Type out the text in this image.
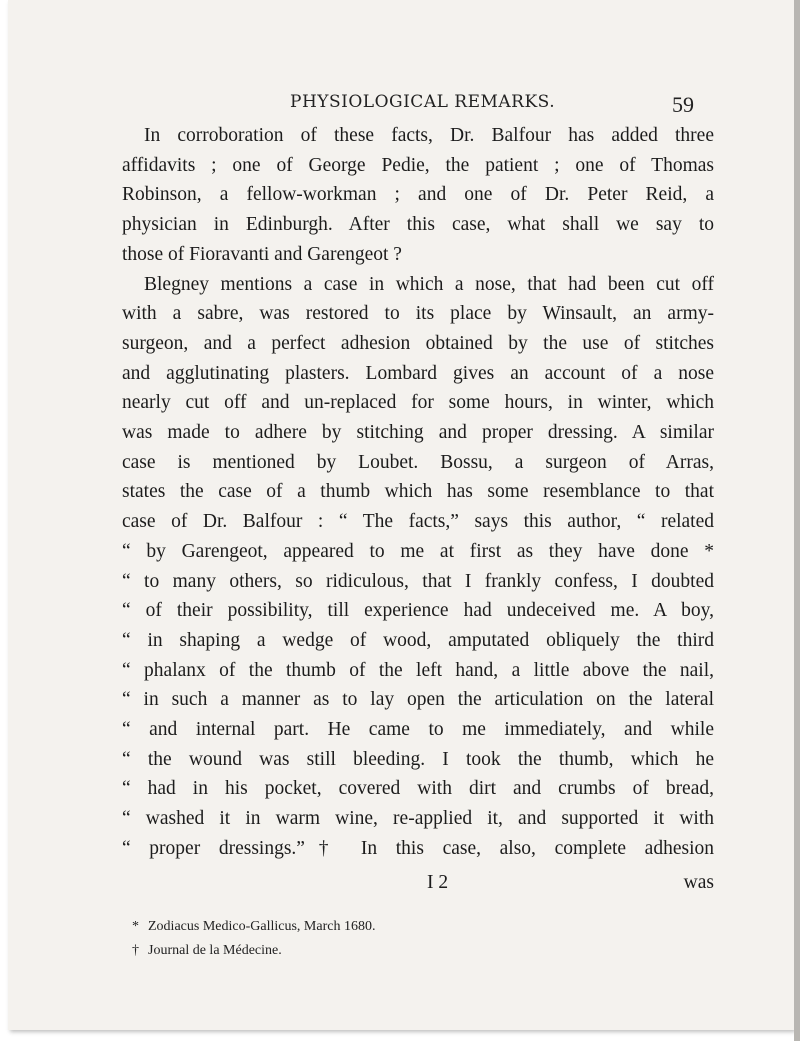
PHYSIOLOGICAL REMARKS.	59
In corroboration of these facts, Dr. Balfour has added three
affidavits ; one of George Pedie, the patient ; one of Thomas
Robinson, a fellow-workman ; and one of Dr. Peter Reid, a
physician in Edinburgh. After this case, what shall we say to
those of Fioravanti and Garengeot ?
Blegney mentions a case in which a nose, that had been cut off
with a sabre, was restored to its place by Winsault, an army-
surgeon, and a perfect adhesion obtained by the use of stitches
and agglutinating plasters. Lombard gives an account of a nose
nearly cut off and un-replaced for some hours, in winter, which
was made to adhere by stitching and proper dressing. A similar
case is mentioned by Loubet. Bossu, a surgeon of Arras,
states the case of a thumb which has some resemblance to that
case of Dr. Balfour : “ The facts,” says this author, “ related
“ by Garengeot, appeared to me at first as they have done *
“ to many others, so ridiculous, that I frankly confess, I doubted
“ of their possibility, till experience had undeceived me. A boy,
“ in shaping a wedge of wood, amputated obliquely the third
“ phalanx of the thumb of the left hand, a little above the nail,
“ in such a manner as to lay open the articulation on the lateral
“ and internal part. He came to me immediately, and while
“ the wound was still bleeding. I took the thumb, which he
“ had in his pocket, covered with dirt and crumbs of bread,
“ washed it in warm wine, re-applied it, and supported it with
“ proper dressings.”† In this case, also, complete adhesion
I 2	was
* Zodiacus Medico-Gallicus, March 1680.
† Journal de la Médecine.
